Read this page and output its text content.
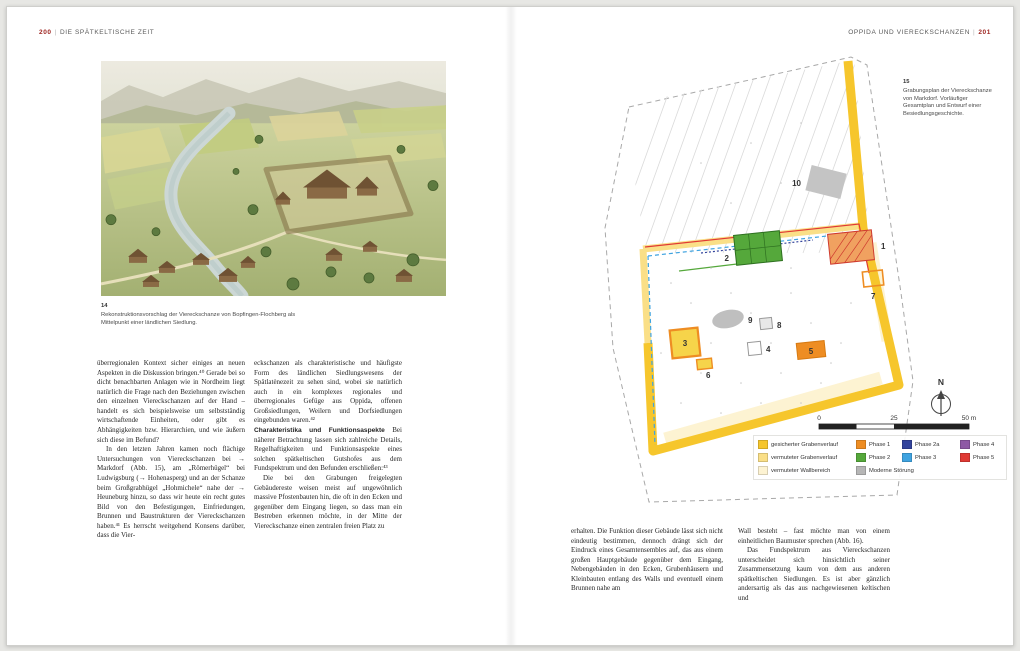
200 | DIE SPÄTKELTISCHE ZEIT	OPPIDA UND VIERECKSCHANZEN | 201
14
Rekonstruktionsvorschlag der Viereckschanze von Bopfingen-Flochberg als Mittelpunkt einer ländlichen Siedlung.
10
2
1
7
9
8
3
4	5
6
N
0	25	50 m
15
Grabungsplan der Viereckschanze von Markdorf. Vorläufiger Gesamtplan und Entwurf einer Besiedlungsgeschichte.
gesicherter Grabenverlauf	Phase 1	Phase 2a	Phase 4
vermuteter Grabenverlauf	Phase 2	Phase 3	Phase 5
vermuteter Wallbereich	Moderne Störung

überregionalen Kontext sicher einiges an neuen Aspekten in die Diskussion bringen.⁴⁰ Gerade bei so dicht benachbarten Anlagen wie in Nordheim liegt natürlich die Frage nach den Beziehungen zwischen den einzelnen Viereckschanzen auf der Hand – handelt es sich beispielsweise um selbstständig wirtschaftende Einheiten, oder gibt es Abhängigkeiten bzw. Hierarchien, und wie äußern sich diese im Befund?

In den letzten Jahren kamen noch flächige Untersuchungen von Viereckschanzen bei → Markdorf (Abb. 15), am „Römerhügel“ bei Ludwigsburg (→ Hohenasperg) und an der Schanze beim Großgrabhügel „Hohmichele“ nahe der → Heuneburg hinzu, so dass wir heute ein recht gutes Bild von den Befestigungen, Einfriedungen, Brunnen und Baustrukturen der Viereckschanzen haben.⁴¹ Es herrscht weitgehend Konsens darüber, dass die Vier-

eckschanzen als charakteristische und häufigste Form des ländlichen Siedlungswesens der Spätlatènezeit zu sehen sind, wobei sie natürlich auch in ein komplexes regionales und überregionales Gefüge aus Oppida, offenen Großsiedlungen, Weilern und Dorfsiedlungen eingebunden waren.⁴²

Charakteristika und Funktionsaspekte Bei näherer Betrachtung lassen sich zahlreiche Details, Regelhaftigkeiten und Funktionsaspekte eines solchen spätkeltischen Gutshofes aus dem Fundspektrum und den Befunden erschließen:⁴³

Die bei den Grabungen freigelegten Gebäudereste weisen meist auf ungewöhnlich massive Pfostenbauten hin, die oft in den Ecken und gegenüber dem Eingang liegen, so dass man ein Bestreben erkennen möchte, in der Mitte der Viereckschanze einen zentralen freien Platz zu

erhalten. Die Funktion dieser Gebäude lässt sich nicht eindeutig bestimmen, dennoch drängt sich der Eindruck eines Gesamtensembles auf, das aus einem großen Hauptgebäude gegenüber dem Eingang, Nebengebäuden in den Ecken, Grubenhäusern und Kleinbauten entlang des Walls und eventuell einem Brunnen nahe am

Wall besteht – fast möchte man von einem einheitlichen Baumuster sprechen (Abb. 16).

Das Fundspektrum aus Viereckschanzen unterscheidet sich hinsichtlich seiner Zusammensetzung kaum von dem aus anderen spätkeltischen Siedlungen. Es ist aber gänzlich andersartig als das aus nachgewiesenen keltischen und
